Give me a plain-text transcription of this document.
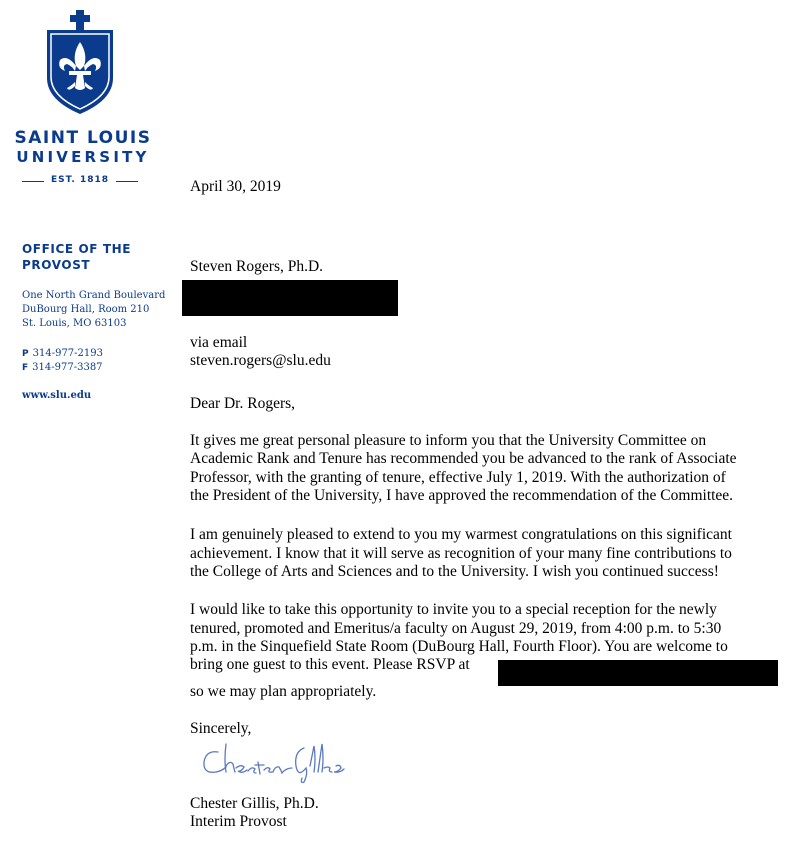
SAINT LOUIS
UNIVERSITY
EST. 1818
OFFICE OF THE
PROVOST
One North Grand Boulevard
DuBourg Hall, Room 210
St. Louis, MO 63103
P 314-977-2193
F 314-977-3387
www.slu.edu
April 30, 2019
Steven Rogers, Ph.D.
via email
steven.rogers@slu.edu
Dear Dr. Rogers,
It gives me great personal pleasure to inform you that the University Committee on
Academic Rank and Tenure has recommended you be advanced to the rank of Associate
Professor, with the granting of tenure, effective July 1, 2019. With the authorization of
the President of the University, I have approved the recommendation of the Committee.
I am genuinely pleased to extend to you my warmest congratulations on this significant
achievement. I know that it will serve as recognition of your many fine contributions to
the College of Arts and Sciences and to the University. I wish you continued success!
I would like to take this opportunity to invite you to a special reception for the newly
tenured, promoted and Emeritus/a faculty on August 29, 2019, from 4:00 p.m. to 5:30
p.m. in the Sinquefield State Room (DuBourg Hall, Fourth Floor). You are welcome to
bring one guest to this event. Please RSVP at
so we may plan appropriately.
Sincerely,
Chester Gillis, Ph.D.
Interim Provost
